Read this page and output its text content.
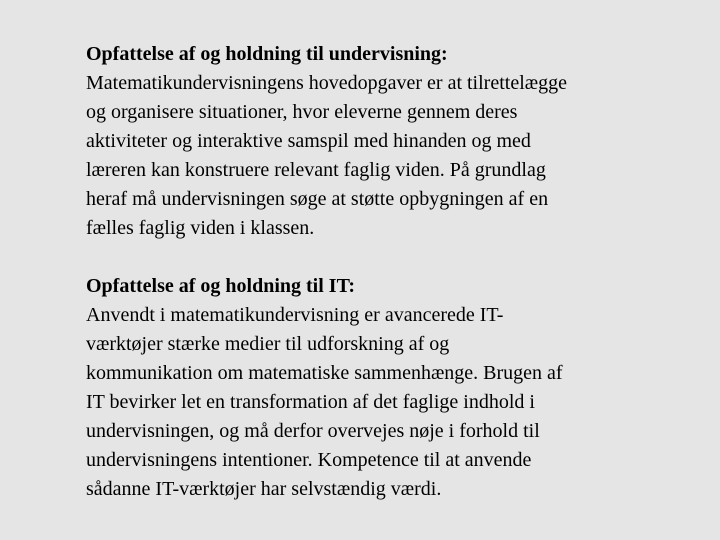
Opfattelse af og holdning til undervisning:
Matematikundervisningens hovedopgaver er at tilrettelægge
og organisere situationer, hvor eleverne gennem deres
aktiviteter og interaktive samspil med hinanden og med
læreren kan konstruere relevant faglig viden. På grundlag
heraf må undervisningen søge at støtte opbygningen af en
fælles faglig viden i klassen.
Opfattelse af og holdning til IT:
Anvendt i matematikundervisning er avancerede IT-
værktøjer stærke medier til udforskning af og
kommunikation om matematiske sammenhænge. Brugen af
IT bevirker let en transformation af det faglige indhold i
undervisningen, og må derfor overvejes nøje i forhold til
undervisningens intentioner. Kompetence til at anvende
sådanne IT-værktøjer har selvstændig værdi.
